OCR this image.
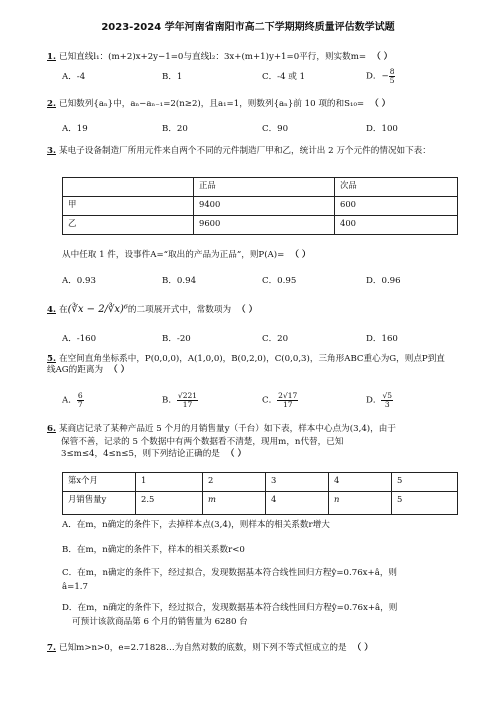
2023-2024 学年河南省南阳市高二下学期期终质量评估数学试题
1. 已知直线l₁：(m+2)x+2y−1=0与直线l₂：3x+(m+1)y+1=0平行，则实数m= （ ）
A．-4	B．1	C．-4 或 1	D．− $\frac{8}{5}$
2. 已知数列{aₙ}中，aₙ−aₙ₋₁=2(n≥2)，且a₁=1，则数列{aₙ}前 10 项的和S₁₀= （ ）
A．19	B．20	C．90	D．100
3. 某电子设备制造厂所用元件来自两个不同的元件制造厂甲和乙，统计出 2 万个元件的情况如下表：
	正品	次品
甲	9400	600
乙	9600	400
从中任取 1 件，设事件A=“取出的产品为正品”，则P(A)= （ ）
A．0.93	B．0.94	C．0.95	D．0.96
4. 在(∛x − 2/∛x)⁶的二项展开式中，常数项为 （ ）
A．-160	B．-20	C．20	D．160
5. 在空间直角坐标系中，P(0,0,0)，A(1,0,0)，B(0,2,0)，C(0,0,3)，三角形ABC重心为G，则点P到直线AG的距离为 （ ）
A． $\frac{6}{7}$	B． $\frac{√221}{17}$	C． $\frac{2√17}{17}$	D． $\frac{√5}{3}$
6. 某商店记录了某种产品近 5 个月的月销售量y（千台）如下表，样本中心点为(3,4)，由于
保管不善，记录的 5 个数据中有两个数据看不清楚，现用m，n代替，已知
3≤m≤4，4≤n≤5，则下列结论正确的是 （ ）
第x个月	1	2	3	4	5
月销售量y	2.5	m	4	n	5
A．在m，n确定的条件下，去掉样本点(3,4)，则样本的相关系数r增大
B．在m，n确定的条件下，样本的相关系数r<0
C．在m，n确定的条件下，经过拟合，发现数据基本符合线性回归方程ŷ=0.76x+â，则
â=1.7
D．在m，n确定的条件下，经过拟合，发现数据基本符合线性回归方程ŷ=0.76x+â，则
可预计该款商品第 6 个月的销售量为 6280 台
7. 已知m>n>0，e=2.71828…为自然对数的底数，则下列不等式恒成立的是 （ ）
